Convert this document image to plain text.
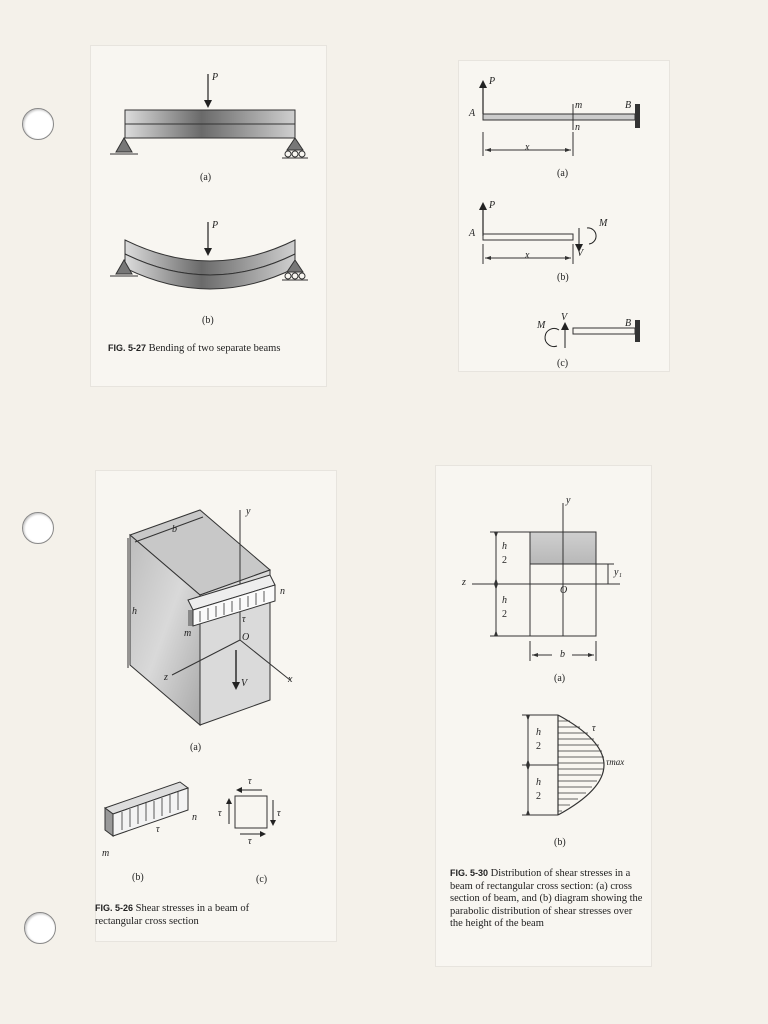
P
(a)
P
(b)
FIG. 5-27 Bending of two separate beams
P
A
m
n
B
x
(a)
P
A
M
V
x
(b)
V
M	B
(c)
b
y
h
n
m
τ
O
z
V	x
(a)
n
τ
m
τ
τ	τ
τ
(b)	(c)
FIG. 5-26 Shear stresses in a beam of rectangular cross section
y
h
2
y₁
z
O
h
2
b
(a)
h
2
τ
τmax
h
2
(b)
FIG. 5-30 Distribution of shear stresses in a beam of rectangular cross section: (a) cross section of beam, and (b) diagram showing the parabolic distribution of shear stresses over the height of the beam
